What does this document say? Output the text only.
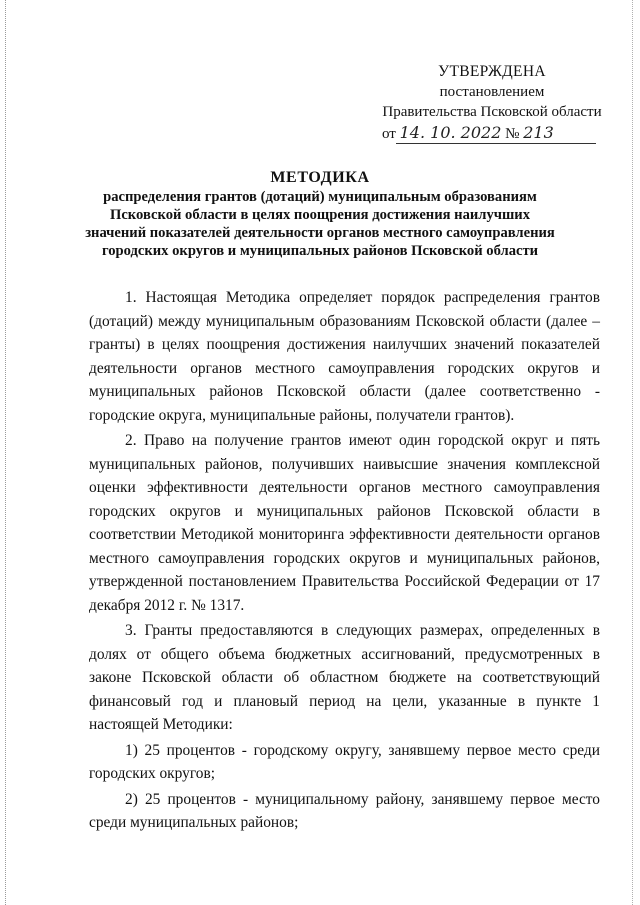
УТВЕРЖДЕНА
постановлением
Правительства Псковской области
от 14. 10. 2022 № 213
МЕТОДИКА
распределения грантов (дотаций) муниципальным образованиям Псковской области в целях поощрения достижения наилучших значений показателей деятельности органов местного самоуправления городских округов и муниципальных районов Псковской области

1. Настоящая Методика определяет порядок распределения грантов (дотаций) между муниципальным образованиям Псковской области (далее – гранты) в целях поощрения достижения наилучших значений показателей деятельности органов местного самоуправления городских округов и муниципальных районов Псковской области (далее соответственно - городские округа, муниципальные районы, получатели грантов).

2. Право на получение грантов имеют один городской округ и пять муниципальных районов, получивших наивысшие значения комплексной оценки эффективности деятельности органов местного самоуправления городских округов и муниципальных районов Псковской области в соответствии Методикой мониторинга эффективности деятельности органов местного самоуправления городских округов и муниципальных районов, утвержденной постановлением Правительства Российской Федерации от 17 декабря 2012 г. № 1317.

3. Гранты предоставляются в следующих размерах, определенных в долях от общего объема бюджетных ассигнований, предусмотренных в законе Псковской области об областном бюджете на соответствующий финансовый год и плановый период на цели, указанные в пункте 1 настоящей Методики:

1) 25 процентов - городскому округу, занявшему первое место среди городских округов;

2) 25 процентов - муниципальному району, занявшему первое место среди муниципальных районов;
